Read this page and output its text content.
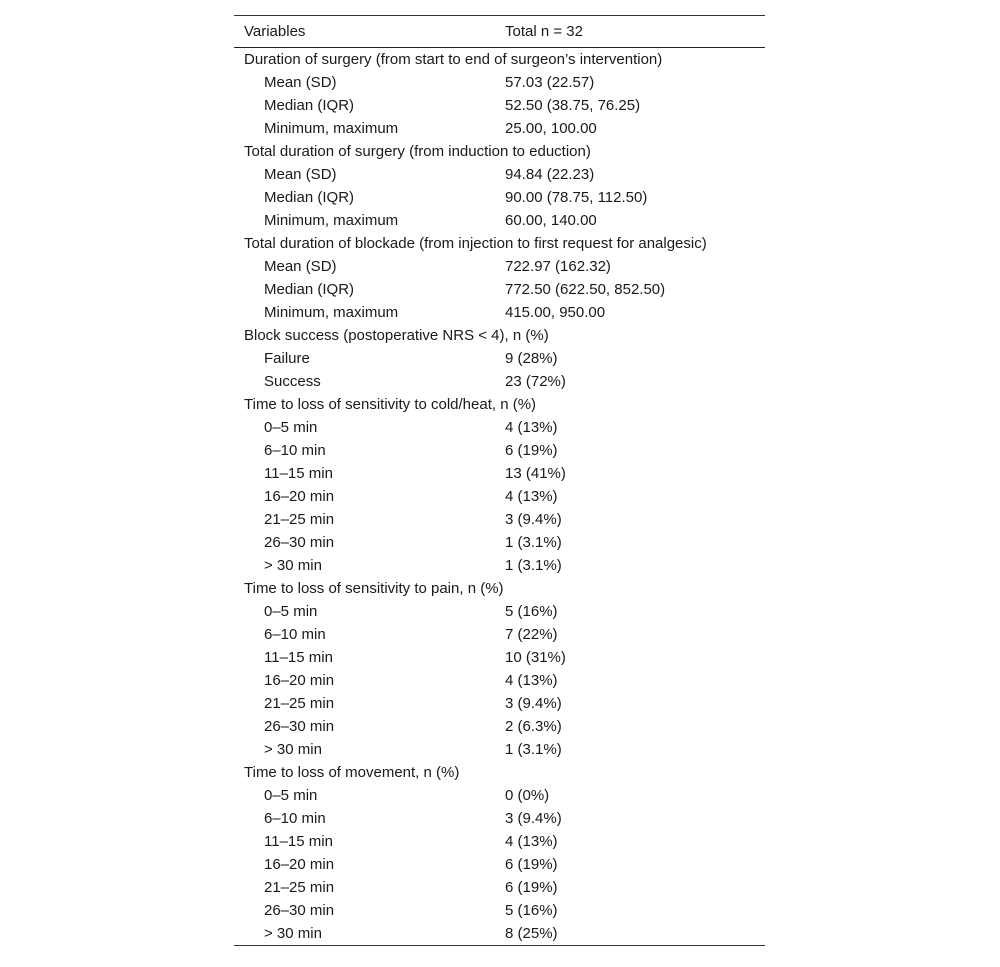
Variables	Total n = 32
Duration of surgery (from start to end of surgeon’s intervention)
Mean (SD)	57.03 (22.57)
Median (IQR)	52.50 (38.75, 76.25)
Minimum, maximum	25.00, 100.00
Total duration of surgery (from induction to eduction)
Mean (SD)	94.84 (22.23)
Median (IQR)	90.00 (78.75, 112.50)
Minimum, maximum	60.00, 140.00
Total duration of blockade (from injection to first request for analgesic)
Mean (SD)	722.97 (162.32)
Median (IQR)	772.50 (622.50, 852.50)
Minimum, maximum	415.00, 950.00
Block success (postoperative NRS < 4), n (%)
Failure	9 (28%)
Success	23 (72%)
Time to loss of sensitivity to cold/heat, n (%)
0–5 min	4 (13%)
6–10 min	6 (19%)
11–15 min	13 (41%)
16–20 min	4 (13%)
21–25 min	3 (9.4%)
26–30 min	1 (3.1%)
> 30 min	1 (3.1%)
Time to loss of sensitivity to pain, n (%)
0–5 min	5 (16%)
6–10 min	7 (22%)
11–15 min	10 (31%)
16–20 min	4 (13%)
21–25 min	3 (9.4%)
26–30 min	2 (6.3%)
> 30 min	1 (3.1%)
Time to loss of movement, n (%)
0–5 min	0 (0%)
6–10 min	3 (9.4%)
11–15 min	4 (13%)
16–20 min	6 (19%)
21–25 min	6 (19%)
26–30 min	5 (16%)
> 30 min	8 (25%)
